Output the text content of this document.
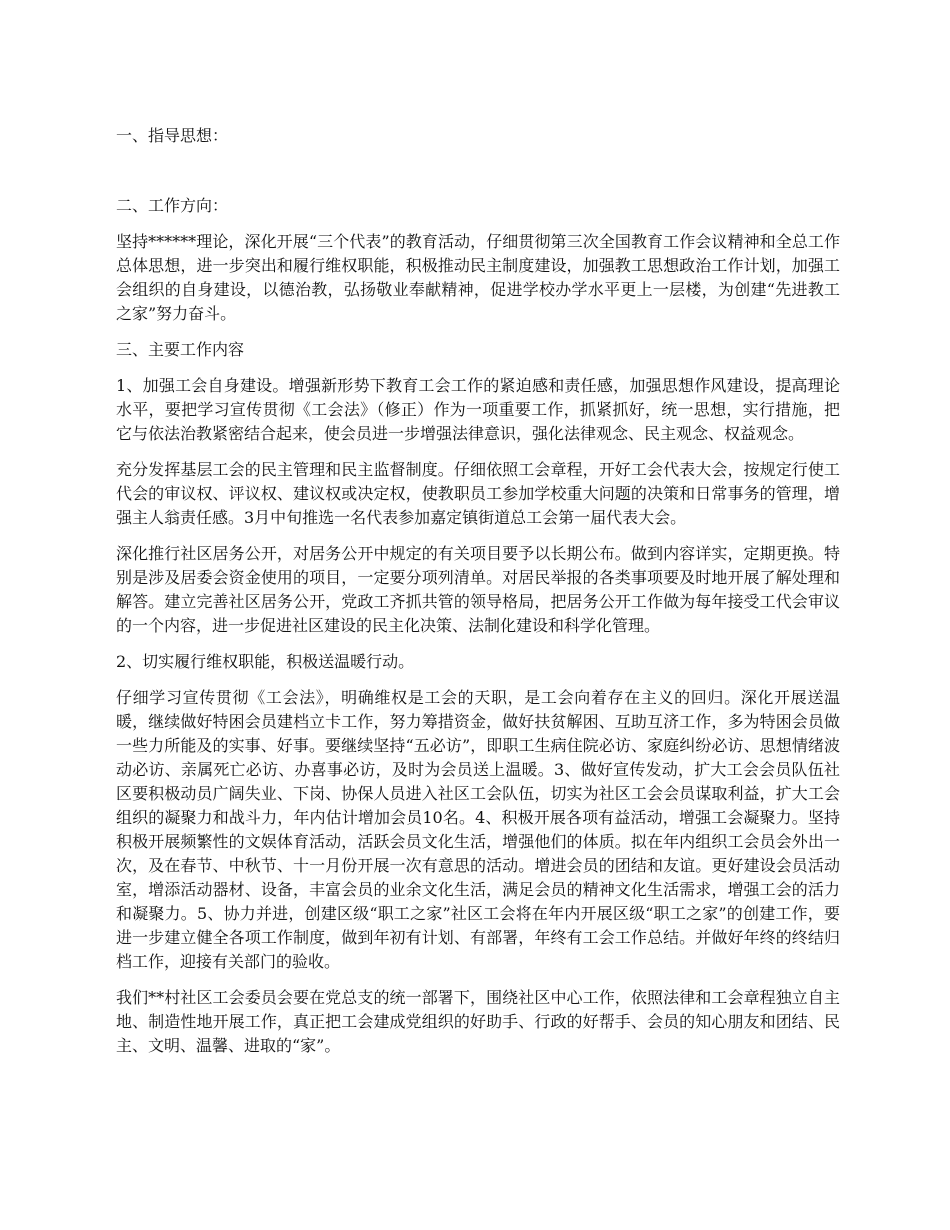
一、指导思想：

二、工作方向：

坚持******理论，深化开展“三个代表”的教育活动，仔细贯彻第三次全国教育工作会议精神和全总工作总体思想，进一步突出和履行维权职能，积极推动民主制度建设，加强教工思想政治工作计划，加强工会组织的自身建设，以德治教，弘扬敬业奉献精神，促进学校办学水平更上一层楼，为创建“先进教工之家”努力奋斗。

三、主要工作内容

1、加强工会自身建设。增强新形势下教育工会工作的紧迫感和责任感，加强思想作风建设，提高理论水平，要把学习宣传贯彻《工会法》（修正）作为一项重要工作，抓紧抓好，统一思想，实行措施，把它与依法治教紧密结合起来，使会员进一步增强法律意识，强化法律观念、民主观念、权益观念。

充分发挥基层工会的民主管理和民主监督制度。仔细依照工会章程，开好工会代表大会，按规定行使工代会的审议权、评议权、建议权或决定权，使教职员工参加学校重大问题的决策和日常事务的管理，增强主人翁责任感。3月中旬推选一名代表参加嘉定镇街道总工会第一届代表大会。

深化推行社区居务公开，对居务公开中规定的有关项目要予以长期公布。做到内容详实，定期更换。特别是涉及居委会资金使用的项目，一定要分项列清单。对居民举报的各类事项要及时地开展了解处理和解答。建立完善社区居务公开，党政工齐抓共管的领导格局，把居务公开工作做为每年接受工代会审议的一个内容，进一步促进社区建设的民主化决策、法制化建设和科学化管理。

2、切实履行维权职能，积极送温暖行动。

仔细学习宣传贯彻《工会法》，明确维权是工会的天职，是工会向着存在主义的回归。深化开展送温暖，继续做好特困会员建档立卡工作，努力筹措资金，做好扶贫解困、互助互济工作，多为特困会员做一些力所能及的实事、好事。要继续坚持“五必访”，即职工生病住院必访、家庭纠纷必访、思想情绪波动必访、亲属死亡必访、办喜事必访，及时为会员送上温暖。3、做好宣传发动，扩大工会会员队伍社区要积极动员广阔失业、下岗、协保人员进入社区工会队伍，切实为社区工会会员谋取利益，扩大工会组织的凝聚力和战斗力，年内估计增加会员10名。4、积极开展各项有益活动，增强工会凝聚力。坚持积极开展频繁性的文娱体育活动，活跃会员文化生活，增强他们的体质。拟在年内组织工会员会外出一次，及在春节、中秋节、十一月份开展一次有意思的活动。增进会员的团结和友谊。更好建设会员活动室，增添活动器材、设备，丰富会员的业余文化生活，满足会员的精神文化生活需求，增强工会的活力和凝聚力。5、协力并进，创建区级“职工之家”社区工会将在年内开展区级“职工之家”的创建工作，要进一步建立健全各项工作制度，做到年初有计划、有部署，年终有工会工作总结。并做好年终的终结归档工作，迎接有关部门的验收。

我们**村社区工会委员会要在党总支的统一部署下，围绕社区中心工作，依照法律和工会章程独立自主地、制造性地开展工作，真正把工会建成党组织的好助手、行政的好帮手、会员的知心朋友和团结、民主、文明、温馨、进取的“家”。
